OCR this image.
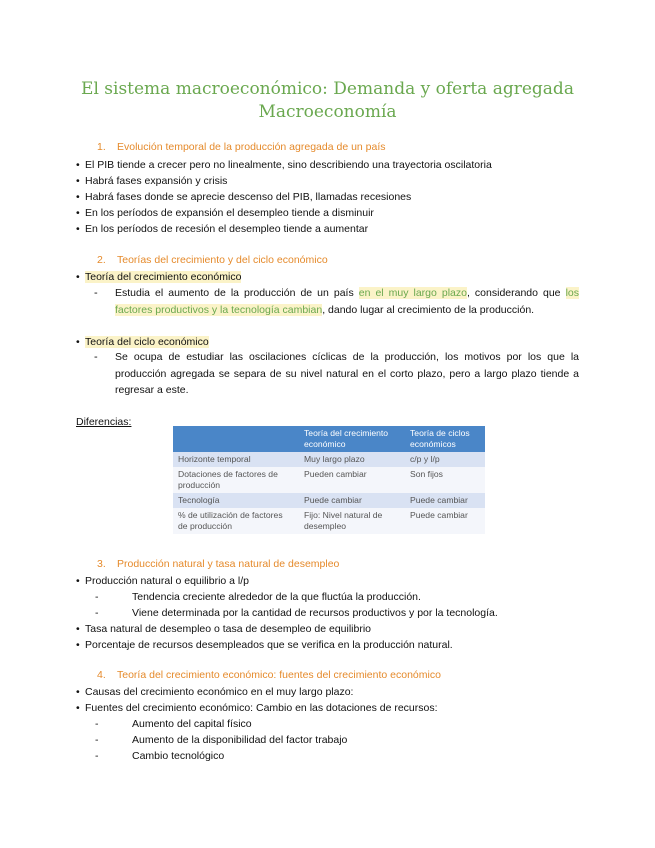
El sistema macroeconómico: Demanda y oferta agregada
Macroeconomía
1. Evolución temporal de la producción agregada de un país
• El PIB tiende a crecer pero no linealmente, sino describiendo una trayectoria oscilatoria
• Habrá fases expansión y crisis
• Habrá fases donde se aprecie descenso del PIB, llamadas recesiones
• En los períodos de expansión el desempleo tiende a disminuir
• En los períodos de recesión el desempleo tiende a aumentar
2. Teorías del crecimiento y del ciclo económico
• Teoría del crecimiento económico
- Estudia el aumento de la producción de un país en el muy largo plazo, considerando que los factores productivos y la tecnología cambian, dando lugar al crecimiento de la producción.
• Teoría del ciclo económico
- Se ocupa de estudiar las oscilaciones cíclicas de la producción, los motivos por los que la producción agregada se separa de su nivel natural en el corto plazo, pero a largo plazo tiende a regresar a este.
Diferencias:
	Teoría del crecimiento económico	Teoría de ciclos económicos
Horizonte temporal	Muy largo plazo	c/p y l/p
Dotaciones de factores de producción	Pueden cambiar	Son fijos
Tecnología	Puede cambiar	Puede cambiar
% de utilización de factores de producción	Fijo: Nivel natural de desempleo	Puede cambiar
3. Producción natural y tasa natural de desempleo
• Producción natural o equilibrio a l/p
-	Tendencia creciente alrededor de la que fluctúa la producción.
-	Viene determinada por la cantidad de recursos productivos y por la tecnología.
• Tasa natural de desempleo o tasa de desempleo de equilibrio
• Porcentaje de recursos desempleados que se verifica en la producción natural.
4. Teoría del crecimiento económico: fuentes del crecimiento económico
• Causas del crecimiento económico en el muy largo plazo:
• Fuentes del crecimiento económico: Cambio en las dotaciones de recursos:
-	Aumento del capital físico
-	Aumento de la disponibilidad del factor trabajo
-	Cambio tecnológico
